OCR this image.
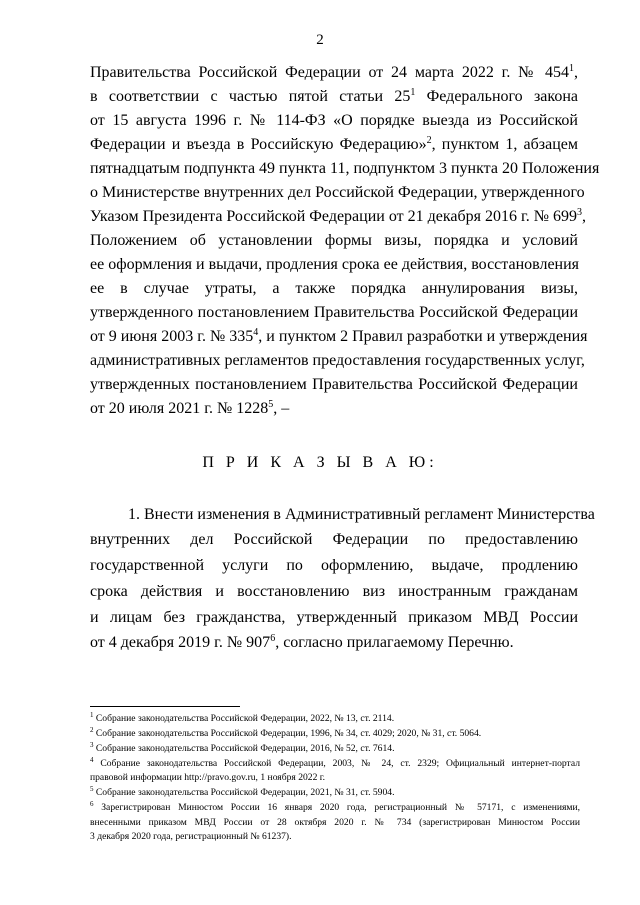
2
Правительства Российской Федерации от 24 марта 2022 г. № $454^1$,
в соответствии с частью пятой статьи $25^1$ Федерального закона
от 15 августа 1996 г. № 114-ФЗ «О порядке выезда из Российской
Федерации и въезда в Российскую Федерацию»$^2$, пунктом 1, абзацем
пятнадцатым подпункта 49 пункта 11, подпунктом 3 пункта 20 Положения
о Министерстве внутренних дел Российской Федерации, утвержденного
Указом Президента Российской Федерации от 21 декабря 2016 г. № $699^3$,
Положением об установлении формы визы, порядка и условий
ее оформления и выдачи, продления срока ее действия, восстановления
ее в случае утраты, а также порядка аннулирования визы,
утвержденного постановлением Правительства Российской Федерации
от 9 июня 2003 г. № $335^4$, и пунктом 2 Правил разработки и утверждения
административных регламентов предоставления государственных услуг,
утвержденных постановлением Правительства Российской Федерации
от 20 июля 2021 г. № 1228$^5$, –
П Р И К А З Ы В А Ю:
1. Внести изменения в Административный регламент Министерства
внутренних дел Российской Федерации по предоставлению
государственной услуги по оформлению, выдаче, продлению
срока действия и восстановлению виз иностранным гражданам
и лицам без гражданства, утвержденный приказом МВД России
от 4 декабря 2019 г. № $907^6$, согласно прилагаемому Перечню.
$^1$ Собрание законодательства Российской Федерации, 2022, № 13, ст. 2114.
$^2$ Собрание законодательства Российской Федерации, 1996, № 34, ст. 4029; 2020, № 31, ст. 5064.
$^3$ Собрание законодательства Российской Федерации, 2016, № 52, ст. 7614.
$^4$ Собрание законодательства Российской Федерации, 2003, № 24, ст. 2329; Официальный интернет-портал
правовой информации http://pravo.gov.ru, 1 ноября 2022 г.
$^5$ Собрание законодательства Российской Федерации, 2021, № 31, ст. 5904.
$^6$ Зарегистрирован Минюстом России 16 января 2020 года, регистрационный № 57171, с изменениями,
внесенными приказом МВД России от 28 октября 2020 г. № 734 (зарегистрирован Минюстом России
3 декабря 2020 года, регистрационный № 61237).
